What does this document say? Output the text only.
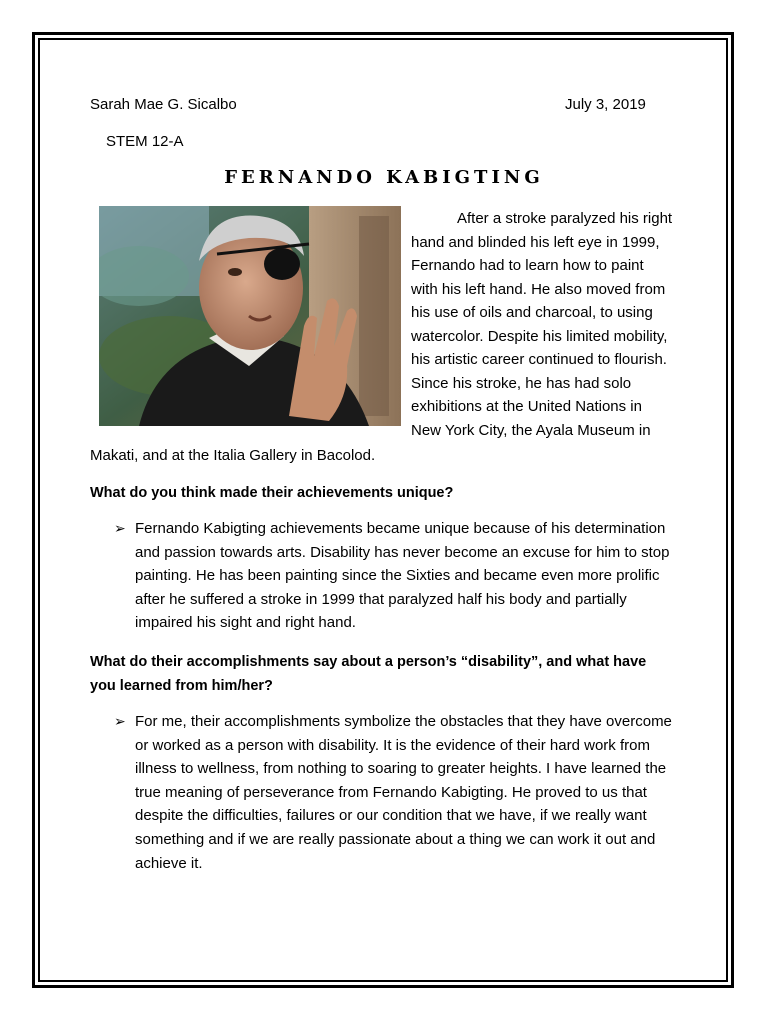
Sarah Mae G. Sicalbo	July 3, 2019
STEM 12-A
FERNANDO KABIGTING
After a stroke paralyzed his right
hand and blinded his left eye in 1999,
Fernando had to learn how to paint
with his left hand. He also moved from
his use of oils and charcoal, to using
watercolor. Despite his limited mobility,
his artistic career continued to flourish.
Since his stroke, he has had solo
exhibitions at the United Nations in
New York City, the Ayala Museum in
Makati, and at the Italia Gallery in Bacolod.
What do you think made their achievements unique?
➢ Fernando Kabigting achievements became unique because of his determination
and passion towards arts. Disability has never become an excuse for him to stop
painting. He has been painting since the Sixties and became even more prolific
after he suffered a stroke in 1999 that paralyzed half his body and partially
impaired his sight and right hand.
What do their accomplishments say about a person’s “disability”, and what have
you learned from him/her?
➢ For me, their accomplishments symbolize the obstacles that they have overcome
or worked as a person with disability. It is the evidence of their hard work from
illness to wellness, from nothing to soaring to greater heights. I have learned the
true meaning of perseverance from Fernando Kabigting. He proved to us that
despite the difficulties, failures or our condition that we have, if we really want
something and if we are really passionate about a thing we can work it out and
achieve it.
